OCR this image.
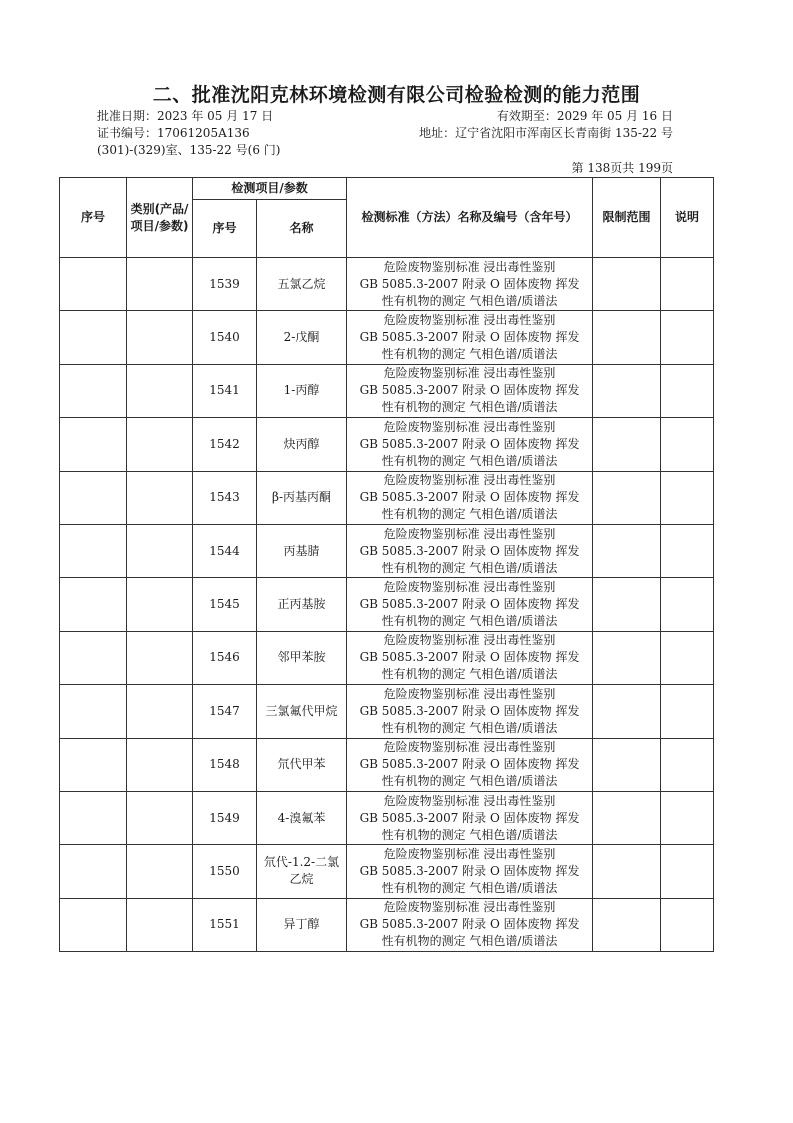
二、批准沈阳克林环境检测有限公司检验检测的能力范围
批准日期：2023 年 05 月 17 日	有效期至：2029 年 05 月 16 日
证书编号：17061205A136	地址：辽宁省沈阳市浑南区长青南街 135-22 号
(301)-(329)室、135-22 号(6 门)
第 138页共 199页
序号	类别(产品/项目/参数)	检测项目/参数		检测标准（方法）名称及编号（含年号）	限制范围	说明
		序号	名称			
		1539	五氯乙烷	危险废物鉴别标准 浸出毒性鉴别
GB 5085.3-2007 附录 O 固体废物 挥发
性有机物的测定 气相色谱/质谱法		

		1540	2-戊酮	危险废物鉴别标准 浸出毒性鉴别
GB 5085.3-2007 附录 O 固体废物 挥发
性有机物的测定 气相色谱/质谱法		

		1541	1-丙醇	危险废物鉴别标准 浸出毒性鉴别
GB 5085.3-2007 附录 O 固体废物 挥发
性有机物的测定 气相色谱/质谱法		

		1542	炔丙醇	危险废物鉴别标准 浸出毒性鉴别
GB 5085.3-2007 附录 O 固体废物 挥发
性有机物的测定 气相色谱/质谱法		

		1543	β-丙基丙酮	危险废物鉴别标准 浸出毒性鉴别
GB 5085.3-2007 附录 O 固体废物 挥发
性有机物的测定 气相色谱/质谱法		

		1544	丙基腈	危险废物鉴别标准 浸出毒性鉴别
GB 5085.3-2007 附录 O 固体废物 挥发
性有机物的测定 气相色谱/质谱法		

		1545	正丙基胺	危险废物鉴别标准 浸出毒性鉴别
GB 5085.3-2007 附录 O 固体废物 挥发
性有机物的测定 气相色谱/质谱法		

		1546	邻甲苯胺	危险废物鉴别标准 浸出毒性鉴别
GB 5085.3-2007 附录 O 固体废物 挥发
性有机物的测定 气相色谱/质谱法		

		1547	三氯氟代甲烷	危险废物鉴别标准 浸出毒性鉴别
GB 5085.3-2007 附录 O 固体废物 挥发
性有机物的测定 气相色谱/质谱法		

		1548	氘代甲苯	危险废物鉴别标准 浸出毒性鉴别
GB 5085.3-2007 附录 O 固体废物 挥发
性有机物的测定 气相色谱/质谱法		

		1549	4-溴氟苯	危险废物鉴别标准 浸出毒性鉴别
GB 5085.3-2007 附录 O 固体废物 挥发
性有机物的测定 气相色谱/质谱法		

		1550	氘代-1.2-二氯乙烷	危险废物鉴别标准 浸出毒性鉴别
GB 5085.3-2007 附录 O 固体废物 挥发
性有机物的测定 气相色谱/质谱法		

		1551	异丁醇	危险废物鉴别标准 浸出毒性鉴别
GB 5085.3-2007 附录 O 固体废物 挥发
性有机物的测定 气相色谱/质谱法		
